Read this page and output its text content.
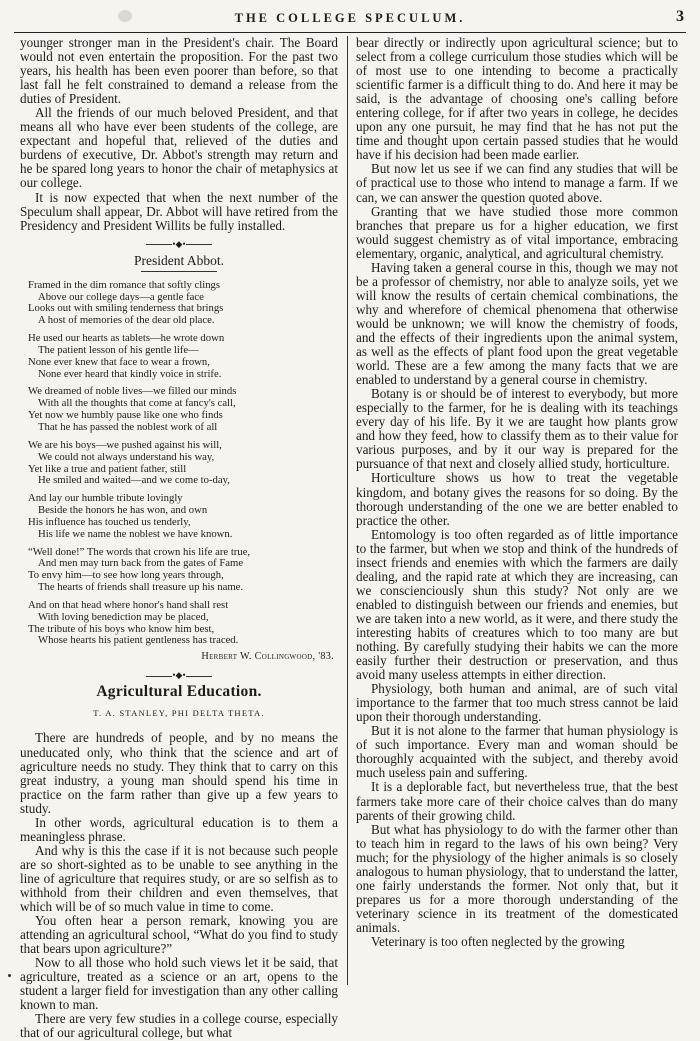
THE COLLEGE SPECULUM.	3

younger stronger man in the President's chair. The Board would not even entertain the proposition. For the past two years, his health has been even poorer than before, so that last fall he felt constrained to demand a release from the duties of President.

All the friends of our much beloved President, and that means all who have ever been students of the college, are expectant and hopeful that, relieved of the duties and burdens of executive, Dr. Abbot's strength may return and he be spared long years to honor the chair of metaphysics at our college.

It is now expected that when the next number of the Speculum shall appear, Dr. Abbot will have retired from the Presidency and President Willits be fully installed.

•◆•
President Abbot.
Framed in the dim romance that softly clings
Above our college days—a gentle face
Looks out with smiling tenderness that brings
A host of memories of the dear old place.
He used our hearts as tablets—he wrote down
The patient lesson of his gentle life—
None ever knew that face to wear a frown,
None ever heard that kindly voice in strife.
We dreamed of noble lives—we filled our minds
With all the thoughts that come at fancy's call,
Yet now we humbly pause like one who finds
That he has passed the noblest work of all
We are his boys—we pushed against his will,
We could not always understand his way,
Yet like a true and patient father, still
He smiled and waited—and we come to-day,
And lay our humble tribute lovingly
Beside the honors he has won, and own
His influence has touched us tenderly,
His life we name the noblest we have known.
“Well done!” The words that crown his life are true,
And men may turn back from the gates of Fame
To envy him—to see how long years through,
The hearts of friends shall treasure up his name.
And on that head where honor's hand shall rest
With loving benediction may be placed,
The tribute of his boys who know him best,
Whose hearts his patient gentleness has traced.
Herbert W. Collingwood, '83.
•◆•
Agricultural Education.
T. A. STANLEY, PHI DELTA THETA.

There are hundreds of people, and by no means the uneducated only, who think that the science and art of agriculture needs no study. They think that to carry on this great industry, a young man should spend his time in practice on the farm rather than give up a few years to study.

In other words, agricultural education is to them a meaningless phrase.

And why is this the case if it is not because such people are so short-sighted as to be unable to see anything in the line of agriculture that requires study, or are so selfish as to withhold from their children and even themselves, that which will be of so much value in time to come.

You often hear a person remark, knowing you are attending an agricultural school, “What do you find to study that bears upon agriculture?”

Now to all those who hold such views let it be said, that agriculture, treated as a science or an art, opens to the student a larger field for investigation than any other calling known to man.

There are very few studies in a college course, especially that of our agricultural college, but what

bear directly or indirectly upon agricultural science; but to select from a college curriculum those studies which will be of most use to one intending to become a practically scientific farmer is a difficult thing to do. And here it may be said, is the advantage of choosing one's calling before entering college, for if after two years in college, he decides upon any one pursuit, he may find that he has not put the time and thought upon certain passed studies that he would have if his decision had been made earlier.

But now let us see if we can find any studies that will be of practical use to those who intend to manage a farm. If we can, we can answer the question quoted above.

Granting that we have studied those more common branches that prepare us for a higher education, we first would suggest chemistry as of vital importance, embracing elementary, organic, analytical, and agricultural chemistry.

Having taken a general course in this, though we may not be a professor of chemistry, nor able to analyze soils, yet we will know the results of certain chemical combinations, the why and wherefore of chemical phenomena that otherwise would be unknown; we will know the chemistry of foods, and the effects of their ingredients upon the animal system, as well as the effects of plant food upon the great vegetable world. These are a few among the many facts that we are enabled to understand by a general course in chemistry.

Botany is or should be of interest to everybody, but more especially to the farmer, for he is dealing with its teachings every day of his life. By it we are taught how plants grow and how they feed, how to classify them as to their value for various purposes, and by it our way is prepared for the pursuance of that next and closely allied study, horticulture.

Horticulture shows us how to treat the vegetable kingdom, and botany gives the reasons for so doing. By the thorough understanding of the one we are better enabled to practice the other.

Entomology is too often regarded as of little importance to the farmer, but when we stop and think of the hundreds of insect friends and enemies with which the farmers are daily dealing, and the rapid rate at which they are increasing, can we conscienciously shun this study? Not only are we enabled to distinguish between our friends and enemies, but we are taken into a new world, as it were, and there study the interesting habits of creatures which to too many are but nothing. By carefully studying their habits we can the more easily further their destruction or preservation, and thus avoid many useless attempts in either direction.

Physiology, both human and animal, are of such vital importance to the farmer that too much stress cannot be laid upon their thorough understanding.

But it is not alone to the farmer that human physiology is of such importance. Every man and woman should be thoroughly acquainted with the subject, and thereby avoid much useless pain and suffering.

It is a deplorable fact, but nevertheless true, that the best farmers take more care of their choice calves than do many parents of their growing child.

But what has physiology to do with the farmer other than to teach him in regard to the laws of his own being? Very much; for the physiology of the higher animals is so closely analogous to human physiology, that to understand the latter, one fairly understands the former. Not only that, but it prepares us for a more thorough understanding of the veterinary science in its treatment of the domesticated animals.

Veterinary is too often neglected by the growing
